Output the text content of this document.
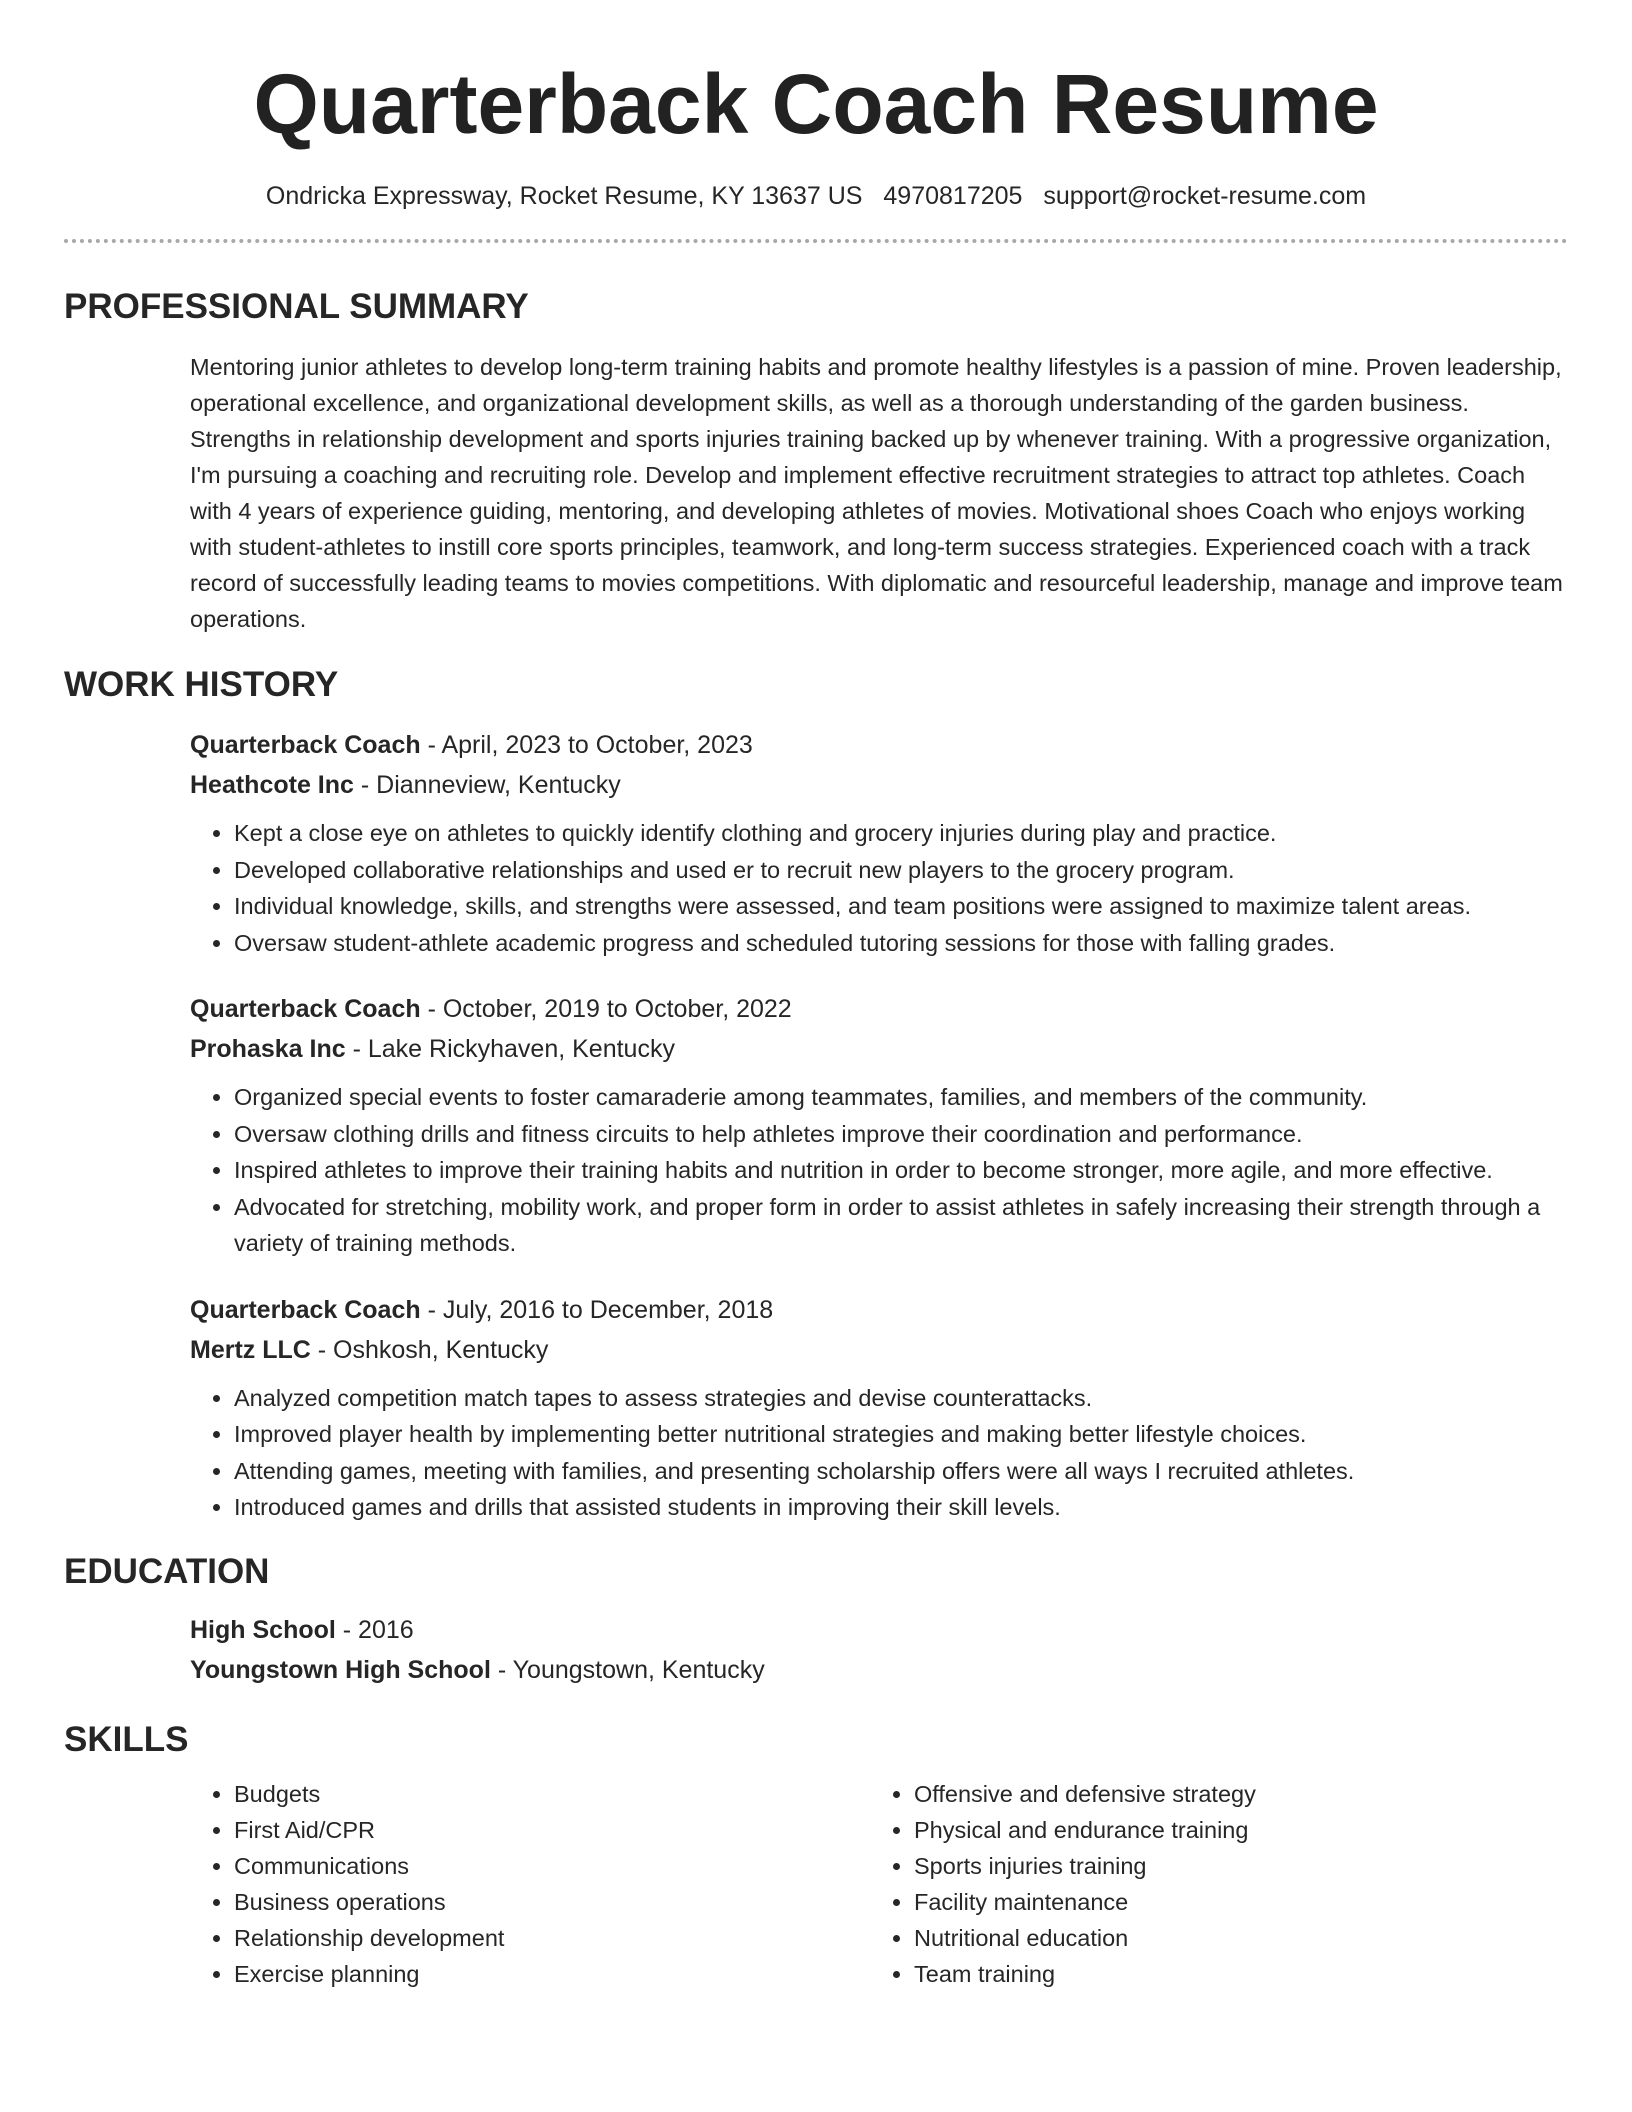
Quarterback Coach Resume
Ondricka Expressway, Rocket Resume, KY 13637 US 4970817205 support@rocket-resume.com
PROFESSIONAL SUMMARY
Mentoring junior athletes to develop long-term training habits and promote healthy lifestyles is a passion of mine. Proven leadership, operational excellence, and organizational development skills, as well as a thorough understanding of the garden business. Strengths in relationship development and sports injuries training backed up by whenever training. With a progressive organization, I'm pursuing a coaching and recruiting role. Develop and implement effective recruitment strategies to attract top athletes. Coach with 4 years of experience guiding, mentoring, and developing athletes of movies. Motivational shoes Coach who enjoys working with student-athletes to instill core sports principles, teamwork, and long-term success strategies. Experienced coach with a track record of successfully leading teams to movies competitions. With diplomatic and resourceful leadership, manage and improve team operations.
WORK HISTORY
Quarterback Coach - April, 2023 to October, 2023
Heathcote Inc - Dianneview, Kentucky
• Kept a close eye on athletes to quickly identify clothing and grocery injuries during play and practice.
• Developed collaborative relationships and used er to recruit new players to the grocery program.
• Individual knowledge, skills, and strengths were assessed, and team positions were assigned to maximize talent areas.
• Oversaw student-athlete academic progress and scheduled tutoring sessions for those with falling grades.
Quarterback Coach - October, 2019 to October, 2022
Prohaska Inc - Lake Rickyhaven, Kentucky
• Organized special events to foster camaraderie among teammates, families, and members of the community.
• Oversaw clothing drills and fitness circuits to help athletes improve their coordination and performance.
• Inspired athletes to improve their training habits and nutrition in order to become stronger, more agile, and more effective.
• Advocated for stretching, mobility work, and proper form in order to assist athletes in safely increasing their strength through a variety of training methods.
Quarterback Coach - July, 2016 to December, 2018
Mertz LLC - Oshkosh, Kentucky
• Analyzed competition match tapes to assess strategies and devise counterattacks.
• Improved player health by implementing better nutritional strategies and making better lifestyle choices.
• Attending games, meeting with families, and presenting scholarship offers were all ways I recruited athletes.
• Introduced games and drills that assisted students in improving their skill levels.
EDUCATION
High School - 2016
Youngstown High School - Youngstown, Kentucky
SKILLS
• Budgets
• First Aid/CPR
• Communications
• Business operations
• Relationship development
• Exercise planning
• Offensive and defensive strategy
• Physical and endurance training
• Sports injuries training
• Facility maintenance
• Nutritional education
• Team training
